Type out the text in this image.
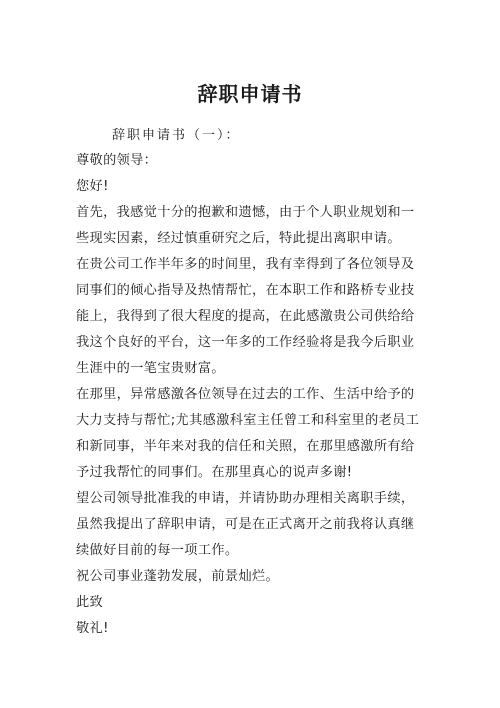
辞职申请书
辞职申请书（一）：
尊敬的领导：
您好!
首先，我感觉十分的抱歉和遗憾，由于个人职业规划和一
些现实因素，经过慎重研究之后，特此提出离职申请。
在贵公司工作半年多的时间里，我有幸得到了各位领导及
同事们的倾心指导及热情帮忙，在本职工作和路桥专业技
能上，我得到了很大程度的提高，在此感激贵公司供给给
我这个良好的平台，这一年多的工作经验将是我今后职业
生涯中的一笔宝贵财富。
在那里，异常感激各位领导在过去的工作、生活中给予的
大力支持与帮忙;尤其感激科室主任曾工和科室里的老员工
和新同事，半年来对我的信任和关照，在那里感激所有给
予过我帮忙的同事们。在那里真心的说声多谢!
望公司领导批准我的申请，并请协助办理相关离职手续，
虽然我提出了辞职申请，可是在正式离开之前我将认真继
续做好目前的每一项工作。
祝公司事业蓬勃发展，前景灿烂。
此致
敬礼!
